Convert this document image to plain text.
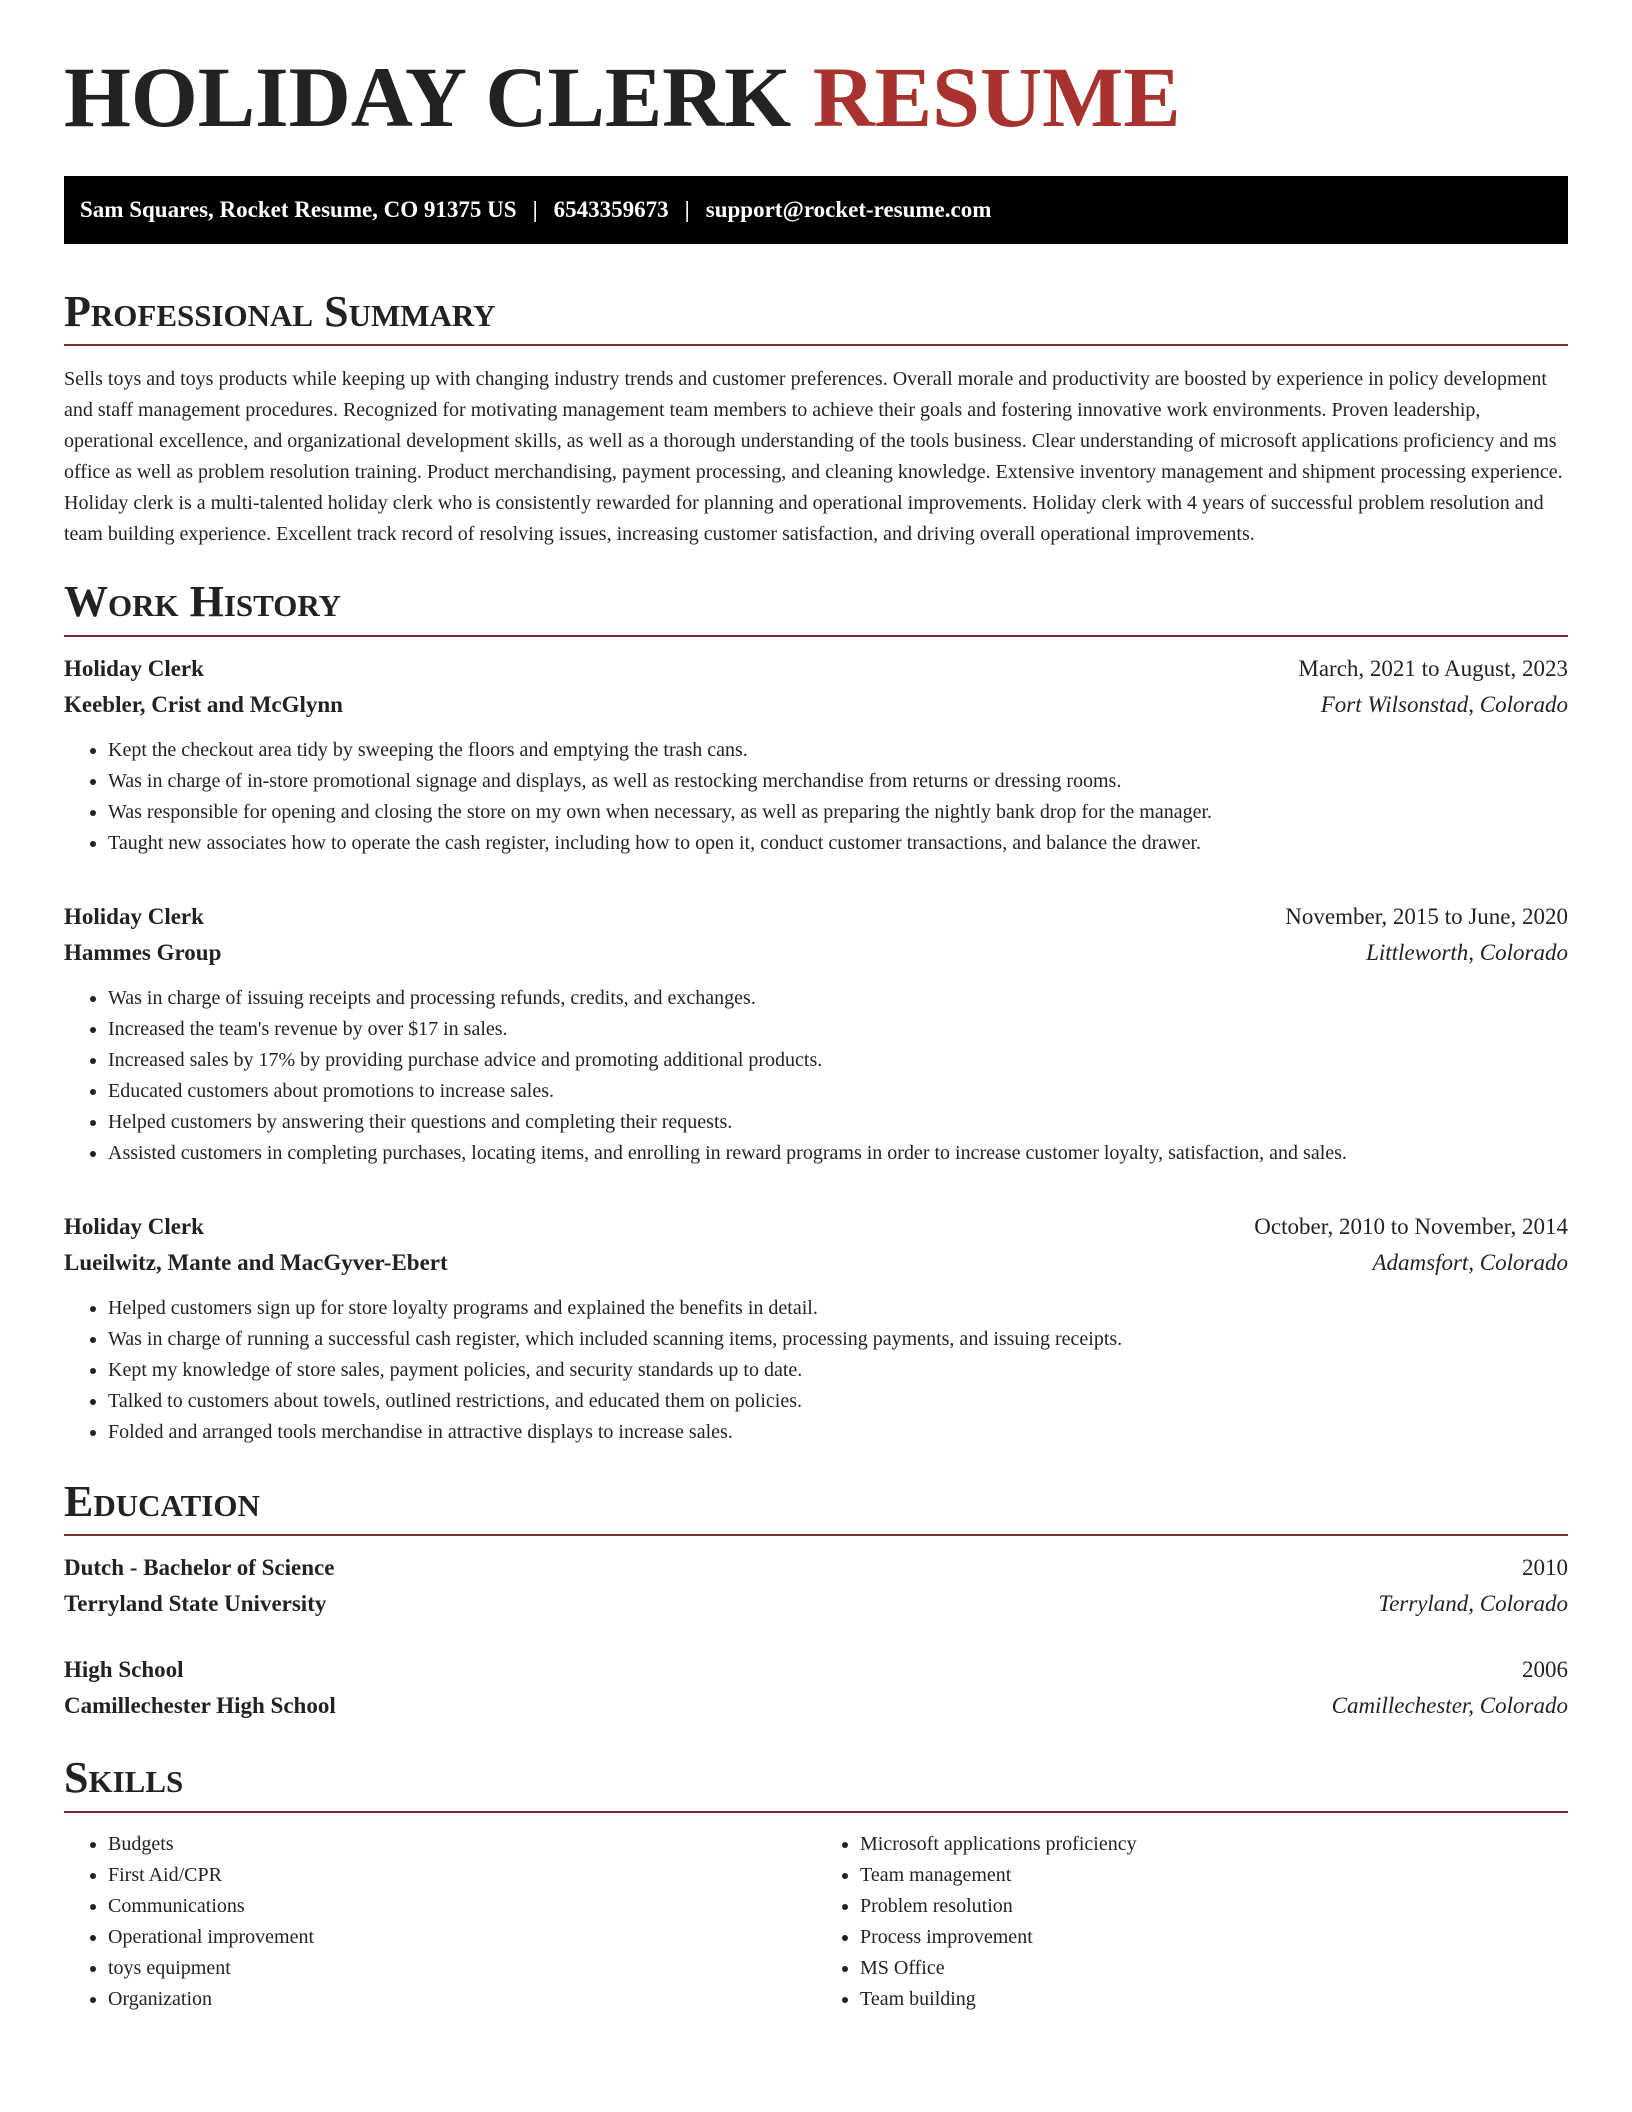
HOLIDAY CLERK RESUME
Sam Squares, Rocket Resume, CO 91375 US | 6543359673 | support@rocket-resume.com
Professional Summary

Sells toys and toys products while keeping up with changing industry trends and customer preferences. Overall morale and productivity are boosted by experience in policy development and staff management procedures. Recognized for motivating management team members to achieve their goals and fostering innovative work environments. Proven leadership, operational excellence, and organizational development skills, as well as a thorough understanding of the tools business. Clear understanding of microsoft applications proficiency and ms office as well as problem resolution training. Product merchandising, payment processing, and cleaning knowledge. Extensive inventory management and shipment processing experience. Holiday clerk is a multi-talented holiday clerk who is consistently rewarded for planning and operational improvements. Holiday clerk with 4 years of successful problem resolution and team building experience. Excellent track record of resolving issues, increasing customer satisfaction, and driving overall operational improvements.

Work History
Holiday Clerk	March, 2021 to August, 2023
Keebler, Crist and McGlynn	Fort Wilsonstad, Colorado
• Kept the checkout area tidy by sweeping the floors and emptying the trash cans.
• Was in charge of in-store promotional signage and displays, as well as restocking merchandise from returns or dressing rooms.
• Was responsible for opening and closing the store on my own when necessary, as well as preparing the nightly bank drop for the manager.
• Taught new associates how to operate the cash register, including how to open it, conduct customer transactions, and balance the drawer.
Holiday Clerk	November, 2015 to June, 2020
Hammes Group	Littleworth, Colorado
• Was in charge of issuing receipts and processing refunds, credits, and exchanges.
• Increased the team's revenue by over $17 in sales.
• Increased sales by 17% by providing purchase advice and promoting additional products.
• Educated customers about promotions to increase sales.
• Helped customers by answering their questions and completing their requests.
• Assisted customers in completing purchases, locating items, and enrolling in reward programs in order to increase customer loyalty, satisfaction, and sales.
Holiday Clerk	October, 2010 to November, 2014
Lueilwitz, Mante and MacGyver-Ebert	Adamsfort, Colorado
• Helped customers sign up for store loyalty programs and explained the benefits in detail.
• Was in charge of running a successful cash register, which included scanning items, processing payments, and issuing receipts.
• Kept my knowledge of store sales, payment policies, and security standards up to date.
• Talked to customers about towels, outlined restrictions, and educated them on policies.
• Folded and arranged tools merchandise in attractive displays to increase sales.
Education
Dutch - Bachelor of Science	2010
Terryland State University	Terryland, Colorado
High School	2006
Camillechester High School	Camillechester, Colorado
Skills
• Budgets
• First Aid/CPR
• Communications
• Operational improvement
• toys equipment
• Organization
• Microsoft applications proficiency
• Team management
• Problem resolution
• Process improvement
• MS Office
• Team building
